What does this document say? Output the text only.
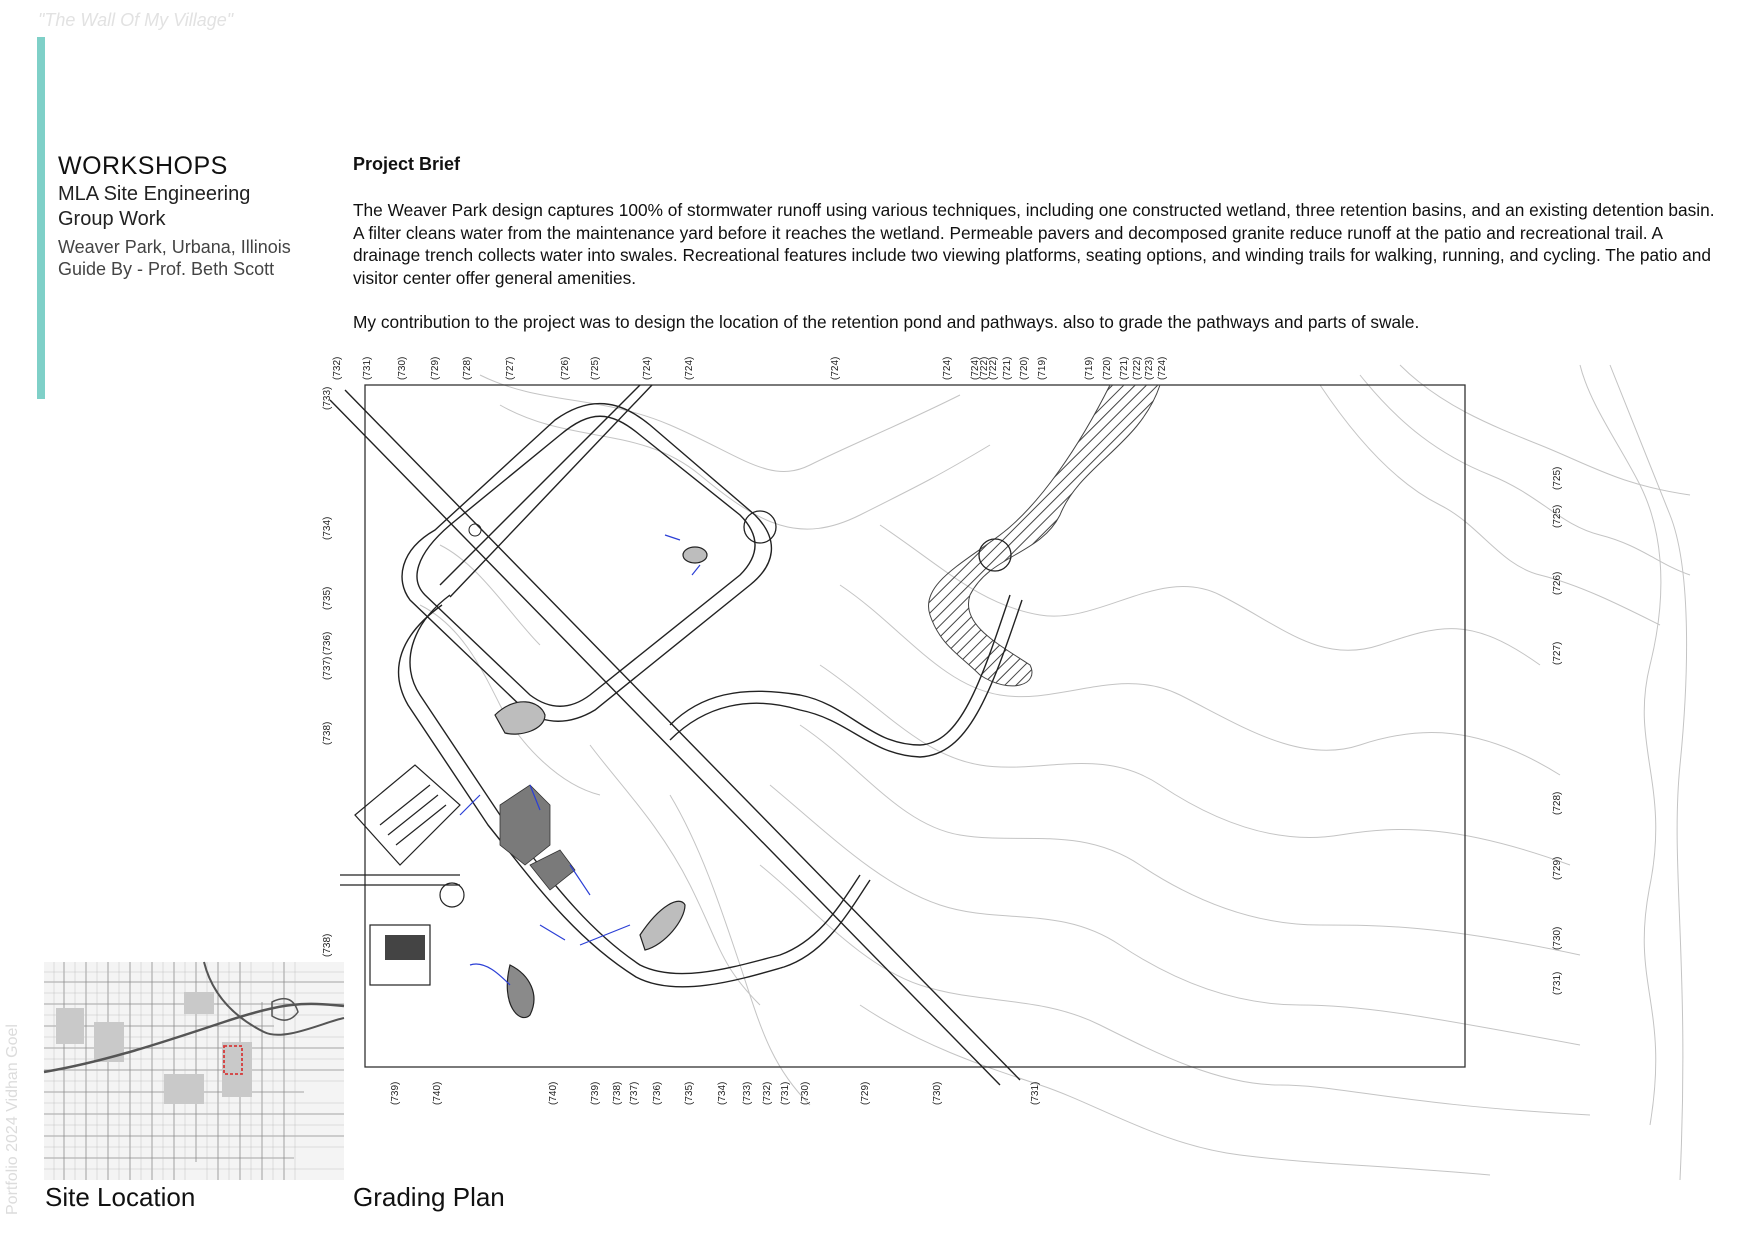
"The Wall Of My Village"
WORKSHOPS
MLA Site Engineering
Group Work
Weaver Park, Urbana, Illinois
Guide By - Prof. Beth Scott
Project Brief

The Weaver Park design captures 100% of stormwater runoff using various techniques, including one constructed wetland, three retention basins, and an existing detention basin. A filter cleans water from the maintenance yard before it reaches the wetland. Permeable pavers and decomposed granite reduce runoff at the patio and recreational trail. A drainage trench collects water into swales. Recreational features include two viewing platforms, seating options, and winding trails for walking, running, and cycling. The patio and visitor center offer general amenities.

My contribution to the project was to design the location of the retention pond and pathways. also to grade the pathways and parts of swale.

Portfolio 2024 Vidhan Goel Site Location	Grading Plan
(732) (731) (730) (729) (728)	(727)	(726) (725)	(724)	(724)	(724)	(724) (724)
(722)
(722) (721) (720) (719)	(719) (720) (721) (722) (723) (724)
(739)	(740)	(740)	(739) (738) (737) (736) (735) (734) (733) (732) (731) (730)	(729)	(730)	(731)
(733)
(734)
(735)
(736)
(737)
(738)
(738)
(725)
(725)
(726)
(727)
(728)
(729)
(730)
(731)
